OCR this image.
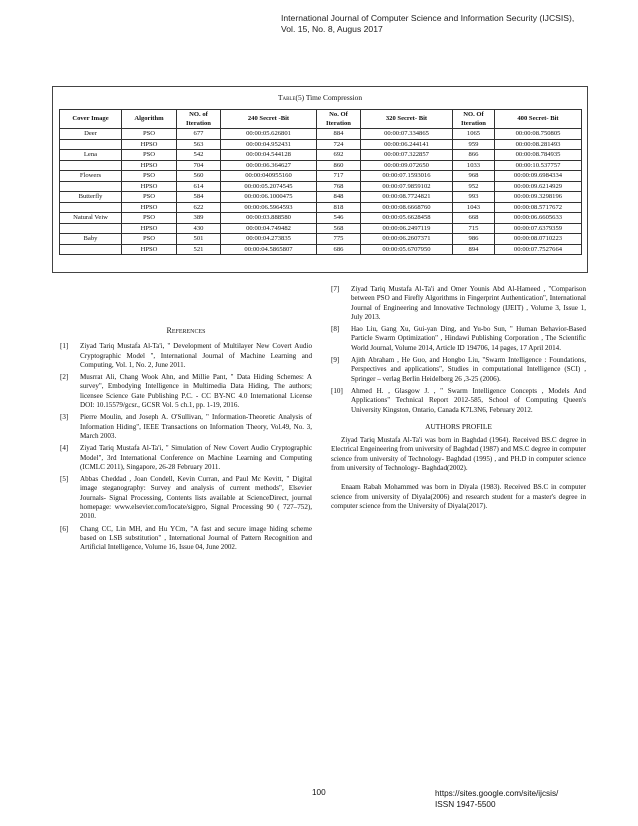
International Journal of Computer Science and Information Security (IJCSIS),
Vol. 15, No. 8, Augus 2017
Table(5) Time Compression
Cover Image	Algorithm	NO. of Iteration	240 Secret -Bit	No. Of Iteration	320 Secret- Bit	NO. Of Iteration	400 Secret- Bit
Deer	PSO	677	00:00:05.626801	884	00:00:07.334865	1065	00:00:08.750805
	HPSO	563	00:00:04.952431	724	00:00:06.244141	959	00:00:08.281493
Lena	PSO	542	00:00:04.544128	692	00:00:07.322857	866	00:00:08.784935
	HPSO	704	00:00:06.364627	860	00:00:09.072650	1033	00:00:10.537757
Flowers	PSO	560	00:00:040955160	717	00:00:07.1593016	968	00:00:09.6984334
	HPSO	614	00:00:05.2074545	768	00:00:07.9859102	952	00:00:09.6214929
Butterfly	PSO	584	00:00:06.1000475	848	00:00:08.7724821	993	00:00:09.3298196
	HPSO	622	00:00:06.5964593	818	00:00:08.6668760	1043	00:00:08.5717672
Natural Veiw	PSO	389	00:00:03.888580	546	00:00:05.6628458	668	00:00:06.6605633
	HPSO	430	00:00:04.749482	568	00:00:06.2497119	715	00:00:07.6379359
Baby	PSO	501	00:00:04.273835	775	00:00:06.2607371	986	00:00:08.0710223
	HPSO	521	00:00:04.5865807	686	00:00:05.6707950	894	00:00:07.7527664
References
[1]	Ziyad Tariq Mustafa Al-Ta'i, " Development of Multilayer New Covert Audio Cryptographic Model ", International Journal of Machine Learning and Computing, Vol. 1, No. 2, June 2011.
[2]	Musrrat Ali, Chang Wook Ahn, and Millie Pant, " Data Hiding Schemes: A survey", Embodying Intelligence in Multimedia Data Hiding, The authors; licensee Science Gate Publishing P.C. - CC BY-NC 4.0 International License DOI: 10.15579/gcsr., GCSR Vol. 5 ch.1, pp. 1-19, 2016.
[3]	Pierre Moulin, and Joseph A. O'Sullivan, " Information-Theoretic Analysis of Information Hiding", IEEE Transactions on Information Theory, Vol.49, No. 3, March 2003.
[4]	Ziyad Tariq Mustafa Al-Ta'i, " Simulation of New Covert Audio Cryptographic Model", 3rd International Conference on Machine Learning and Computing (ICMLC 2011), Singapore, 26-28 February 2011.
[5]	Abbas Cheddad , Joan Condell, Kevin Curran, and Paul Mc Kevitt, " Digital image steganography: Survey and analysis of current methods", Elsevier Journals- Signal Processing, Contents lists available at ScienceDirect, journal homepage: www.elsevier.com/locate/sigpro, Signal Processing 90 ( 727–752), 2010.
[6]	Chang CC, Lin MH, and Hu YCm, "A fast and secure image hiding scheme based on LSB substitution" , International Journal of Pattern Recognition and Artificial Intelligence, Volume 16, Issue 04, June 2002.
[7]	Ziyad Tariq Mustafa Al-Ta'i and Omer Younis Abd Al-Hameed , "Comparison between PSO and Firefly Algorithms in Fingerprint Authentication", International Journal of Engineering and Innovative Technology (IJEIT) , Volume 3, Issue 1, July 2013.
[8]	Hao Liu, Gang Xu, Gui-yan Ding, and Yu-bo Sun, " Human Behavior-Based Particle Swarm Optimization" , Hindawi Publishing Corporation , The Scientific World Journal, Volume 2014, Article ID 194706, 14 pages, 17 April 2014.
[9]	Ajith Abraham , He Guo, and Hongbo Liu, "Swarm Intelligence : Foundations, Perspectives and applications", Studies in computational Intelligence (SCI) , Springer – verlag Berlin Heidelberg 26 ,3-25 (2006).
[10]	Ahmed H. , Glasgow J. , " Swarm Intelligence Concepts , Models And Applications" Technical Report 2012-585, School of Computing Queen's University Kingston, Ontario, Canada K7L3N6, February 2012.
AUTHORS PROFILE

Ziyad Tariq Mustafa Al-Ta'i was born in Baghdad (1964). Received BS.C degree in Electrical Engeineering from university of Baghdad (1987) and MS.C degree in computer science from university of Technology- Baghdad (1995) , and PH.D in computer science from university of Technology- Baghdad(2002).

Enaam Rabah Mohammed was born in Diyala (1983). Received BS.C in computer science from university of Diyala(2006) and research student for a master's degree in computer science from the University of Diyala(2017).

100	https://sites.google.com/site/ijcsis/
ISSN 1947-5500
